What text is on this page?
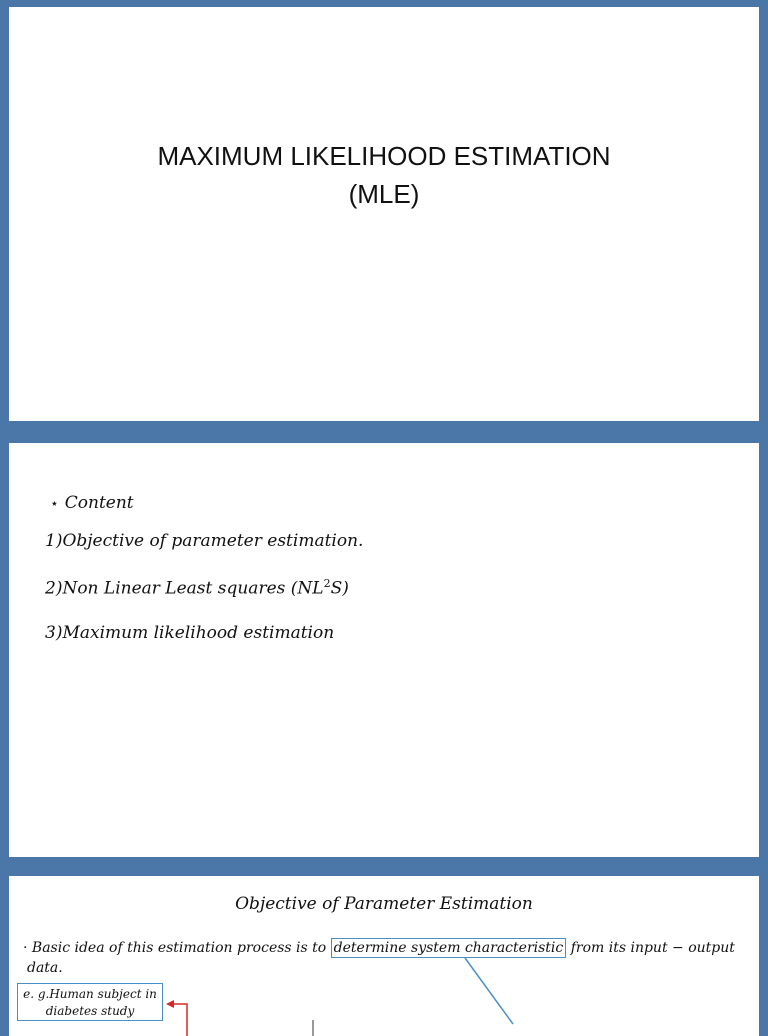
MAXIMUM LIKELIHOOD ESTIMATION
(MLE)
⋆ Content
1)Objective of parameter estimation.
2)Non Linear Least squares $(NL^2S)$
3)Maximum likelihood estimation
Objective of Parameter Estimation
· Basic idea of this estimation process is to determine system characteristic from its input − output
data.
e. g.Human subject in
diabetes study
